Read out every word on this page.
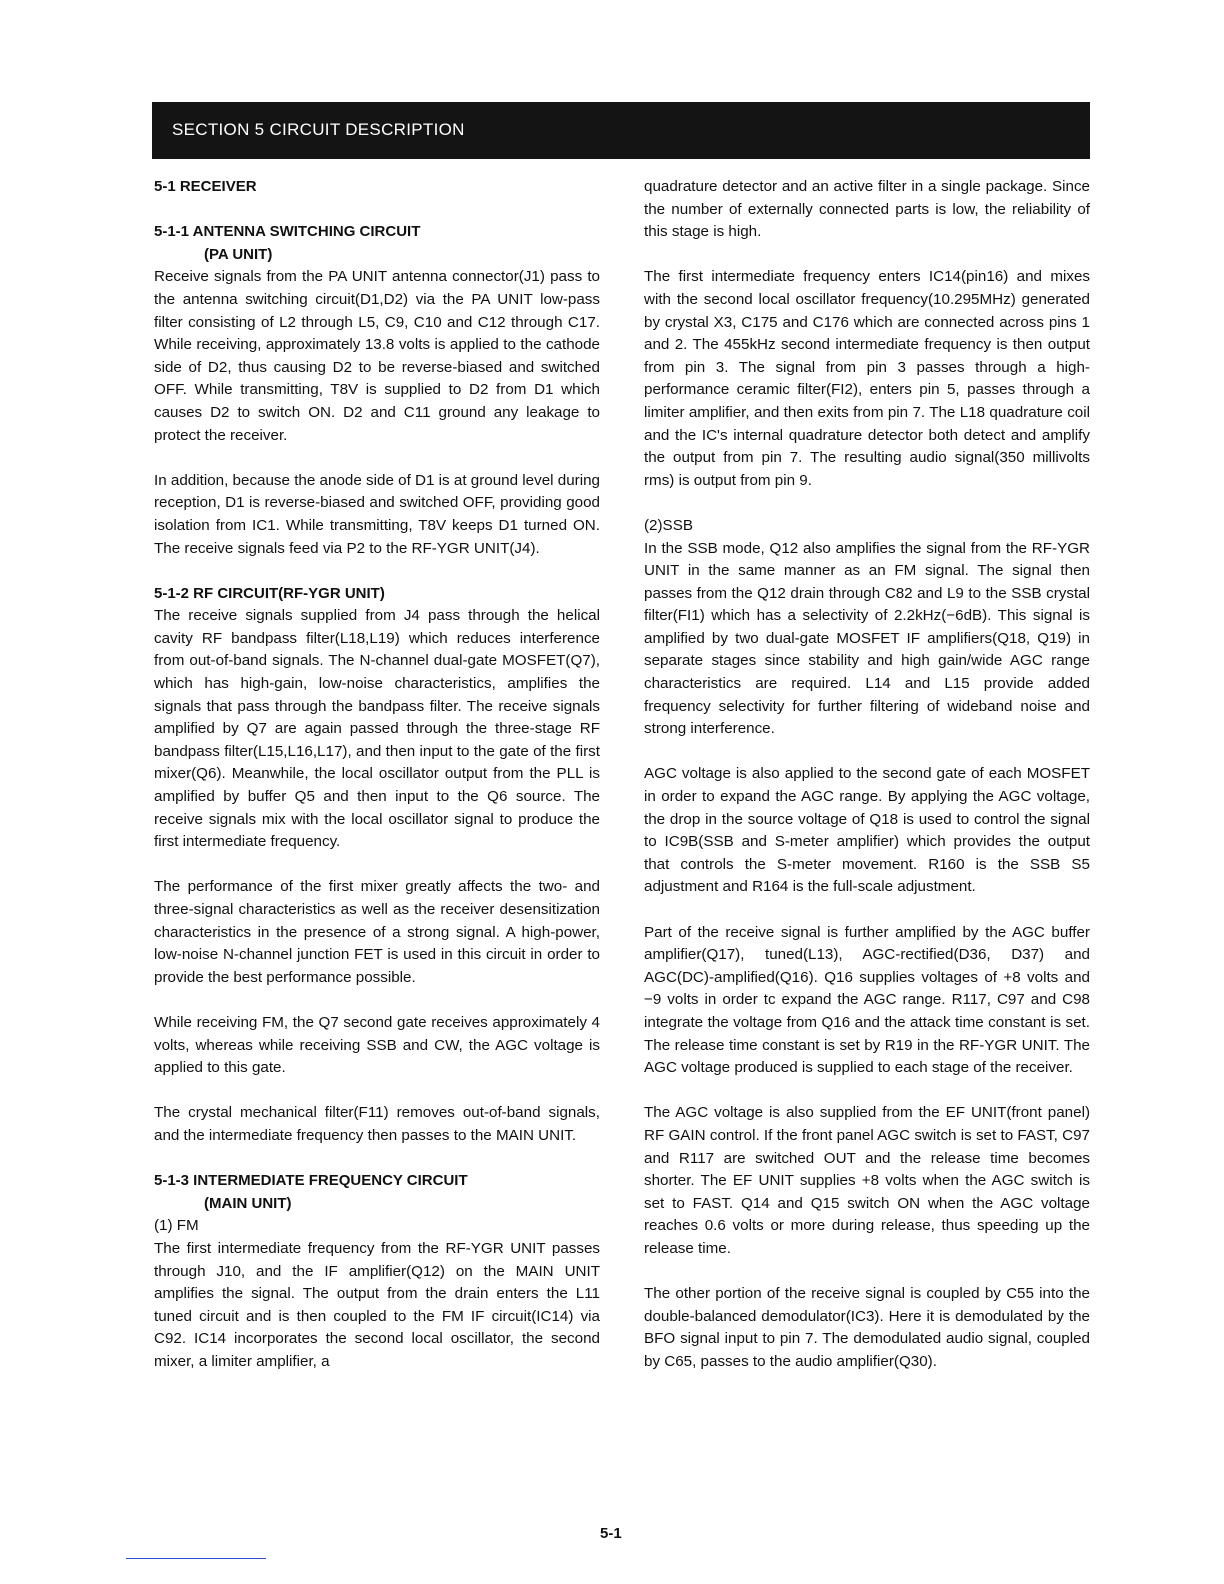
SECTION 5 CIRCUIT DESCRIPTION

5-1 RECEIVER

5-1-1 ANTENNA SWITCHING CIRCUIT

(PA UNIT)

Receive signals from the PA UNIT antenna connector(J1) pass to the antenna switching circuit(D1,D2) via the PA UNIT low-pass filter consisting of L2 through L5, C9, C10 and C12 through C17. While receiving, approximately 13.8 volts is applied to the cathode side of D2, thus causing D2 to be reverse-biased and switched OFF. While transmitting, T8V is supplied to D2 from D1 which causes D2 to switch ON. D2 and C11 ground any leakage to protect the receiver.

In addition, because the anode side of D1 is at ground level during reception, D1 is reverse-biased and switched OFF, providing good isolation from IC1. While transmitting, T8V keeps D1 turned ON. The receive signals feed via P2 to the RF-YGR UNIT(J4).

5-1-2 RF CIRCUIT(RF-YGR UNIT)

The receive signals supplied from J4 pass through the helical cavity RF bandpass filter(L18,L19) which reduces interference from out-of-band signals. The N-channel dual-gate MOSFET(Q7), which has high-gain, low-noise characteristics, amplifies the signals that pass through the bandpass filter. The receive signals amplified by Q7 are again passed through the three-stage RF bandpass filter(L15,L16,L17), and then input to the gate of the first mixer(Q6). Meanwhile, the local oscillator output from the PLL is amplified by buffer Q5 and then input to the Q6 source. The receive signals mix with the local oscillator signal to produce the first intermediate frequency.

The performance of the first mixer greatly affects the two- and three-signal characteristics as well as the receiver desensitization characteristics in the presence of a strong signal. A high-power, low-noise N-channel junction FET is used in this circuit in order to provide the best performance possible.

While receiving FM, the Q7 second gate receives approximately 4 volts, whereas while receiving SSB and CW, the AGC voltage is applied to this gate.

The crystal mechanical filter(F11) removes out-of-band signals, and the intermediate frequency then passes to the MAIN UNIT.

5-1-3 INTERMEDIATE FREQUENCY CIRCUIT

(MAIN UNIT)

(1) FM

The first intermediate frequency from the RF-YGR UNIT passes through J10, and the IF amplifier(Q12) on the MAIN UNIT amplifies the signal. The output from the drain enters the L11 tuned circuit and is then coupled to the FM IF circuit(IC14) via C92. IC14 incorporates the second local oscillator, the second mixer, a limiter amplifier, a

quadrature detector and an active filter in a single package. Since the number of externally connected parts is low, the reliability of this stage is high.

The first intermediate frequency enters IC14(pin16) and mixes with the second local oscillator frequency(10.295MHz) generated by crystal X3, C175 and C176 which are connected across pins 1 and 2. The 455kHz second intermediate frequency is then output from pin 3. The signal from pin 3 passes through a high-performance ceramic filter(FI2), enters pin 5, passes through a limiter amplifier, and then exits from pin 7. The L18 quadrature coil and the IC's internal quadrature detector both detect and amplify the output from pin 7. The resulting audio signal(350 millivolts rms) is output from pin 9.

(2)SSB

In the SSB mode, Q12 also amplifies the signal from the RF-YGR UNIT in the same manner as an FM signal. The signal then passes from the Q12 drain through C82 and L9 to the SSB crystal filter(FI1) which has a selectivity of 2.2kHz(−6dB). This signal is amplified by two dual-gate MOSFET IF amplifiers(Q18, Q19) in separate stages since stability and high gain/wide AGC range characteristics are required. L14 and L15 provide added frequency selectivity for further filtering of wideband noise and strong interference.

AGC voltage is also applied to the second gate of each MOSFET in order to expand the AGC range. By applying the AGC voltage, the drop in the source voltage of Q18 is used to control the signal to IC9B(SSB and S-meter amplifier) which provides the output that controls the S-meter movement. R160 is the SSB S5 adjustment and R164 is the full-scale adjustment.

Part of the receive signal is further amplified by the AGC buffer amplifier(Q17), tuned(L13), AGC-rectified(D36, D37) and AGC(DC)-amplified(Q16). Q16 supplies voltages of +8 volts and −9 volts in order tc expand the AGC range. R117, C97 and C98 integrate the voltage from Q16 and the attack time constant is set. The release time constant is set by R19 in the RF-YGR UNIT. The AGC voltage produced is supplied to each stage of the receiver.

The AGC voltage is also supplied from the EF UNIT(front panel) RF GAIN control. If the front panel AGC switch is set to FAST, C97 and R117 are switched OUT and the release time becomes shorter. The EF UNIT supplies +8 volts when the AGC switch is set to FAST. Q14 and Q15 switch ON when the AGC voltage reaches 0.6 volts or more during release, thus speeding up the release time.

The other portion of the receive signal is coupled by C55 into the double-balanced demodulator(IC3). Here it is demodulated by the BFO signal input to pin 7. The demodulated audio signal, coupled by C65, passes to the audio amplifier(Q30).

5-1
